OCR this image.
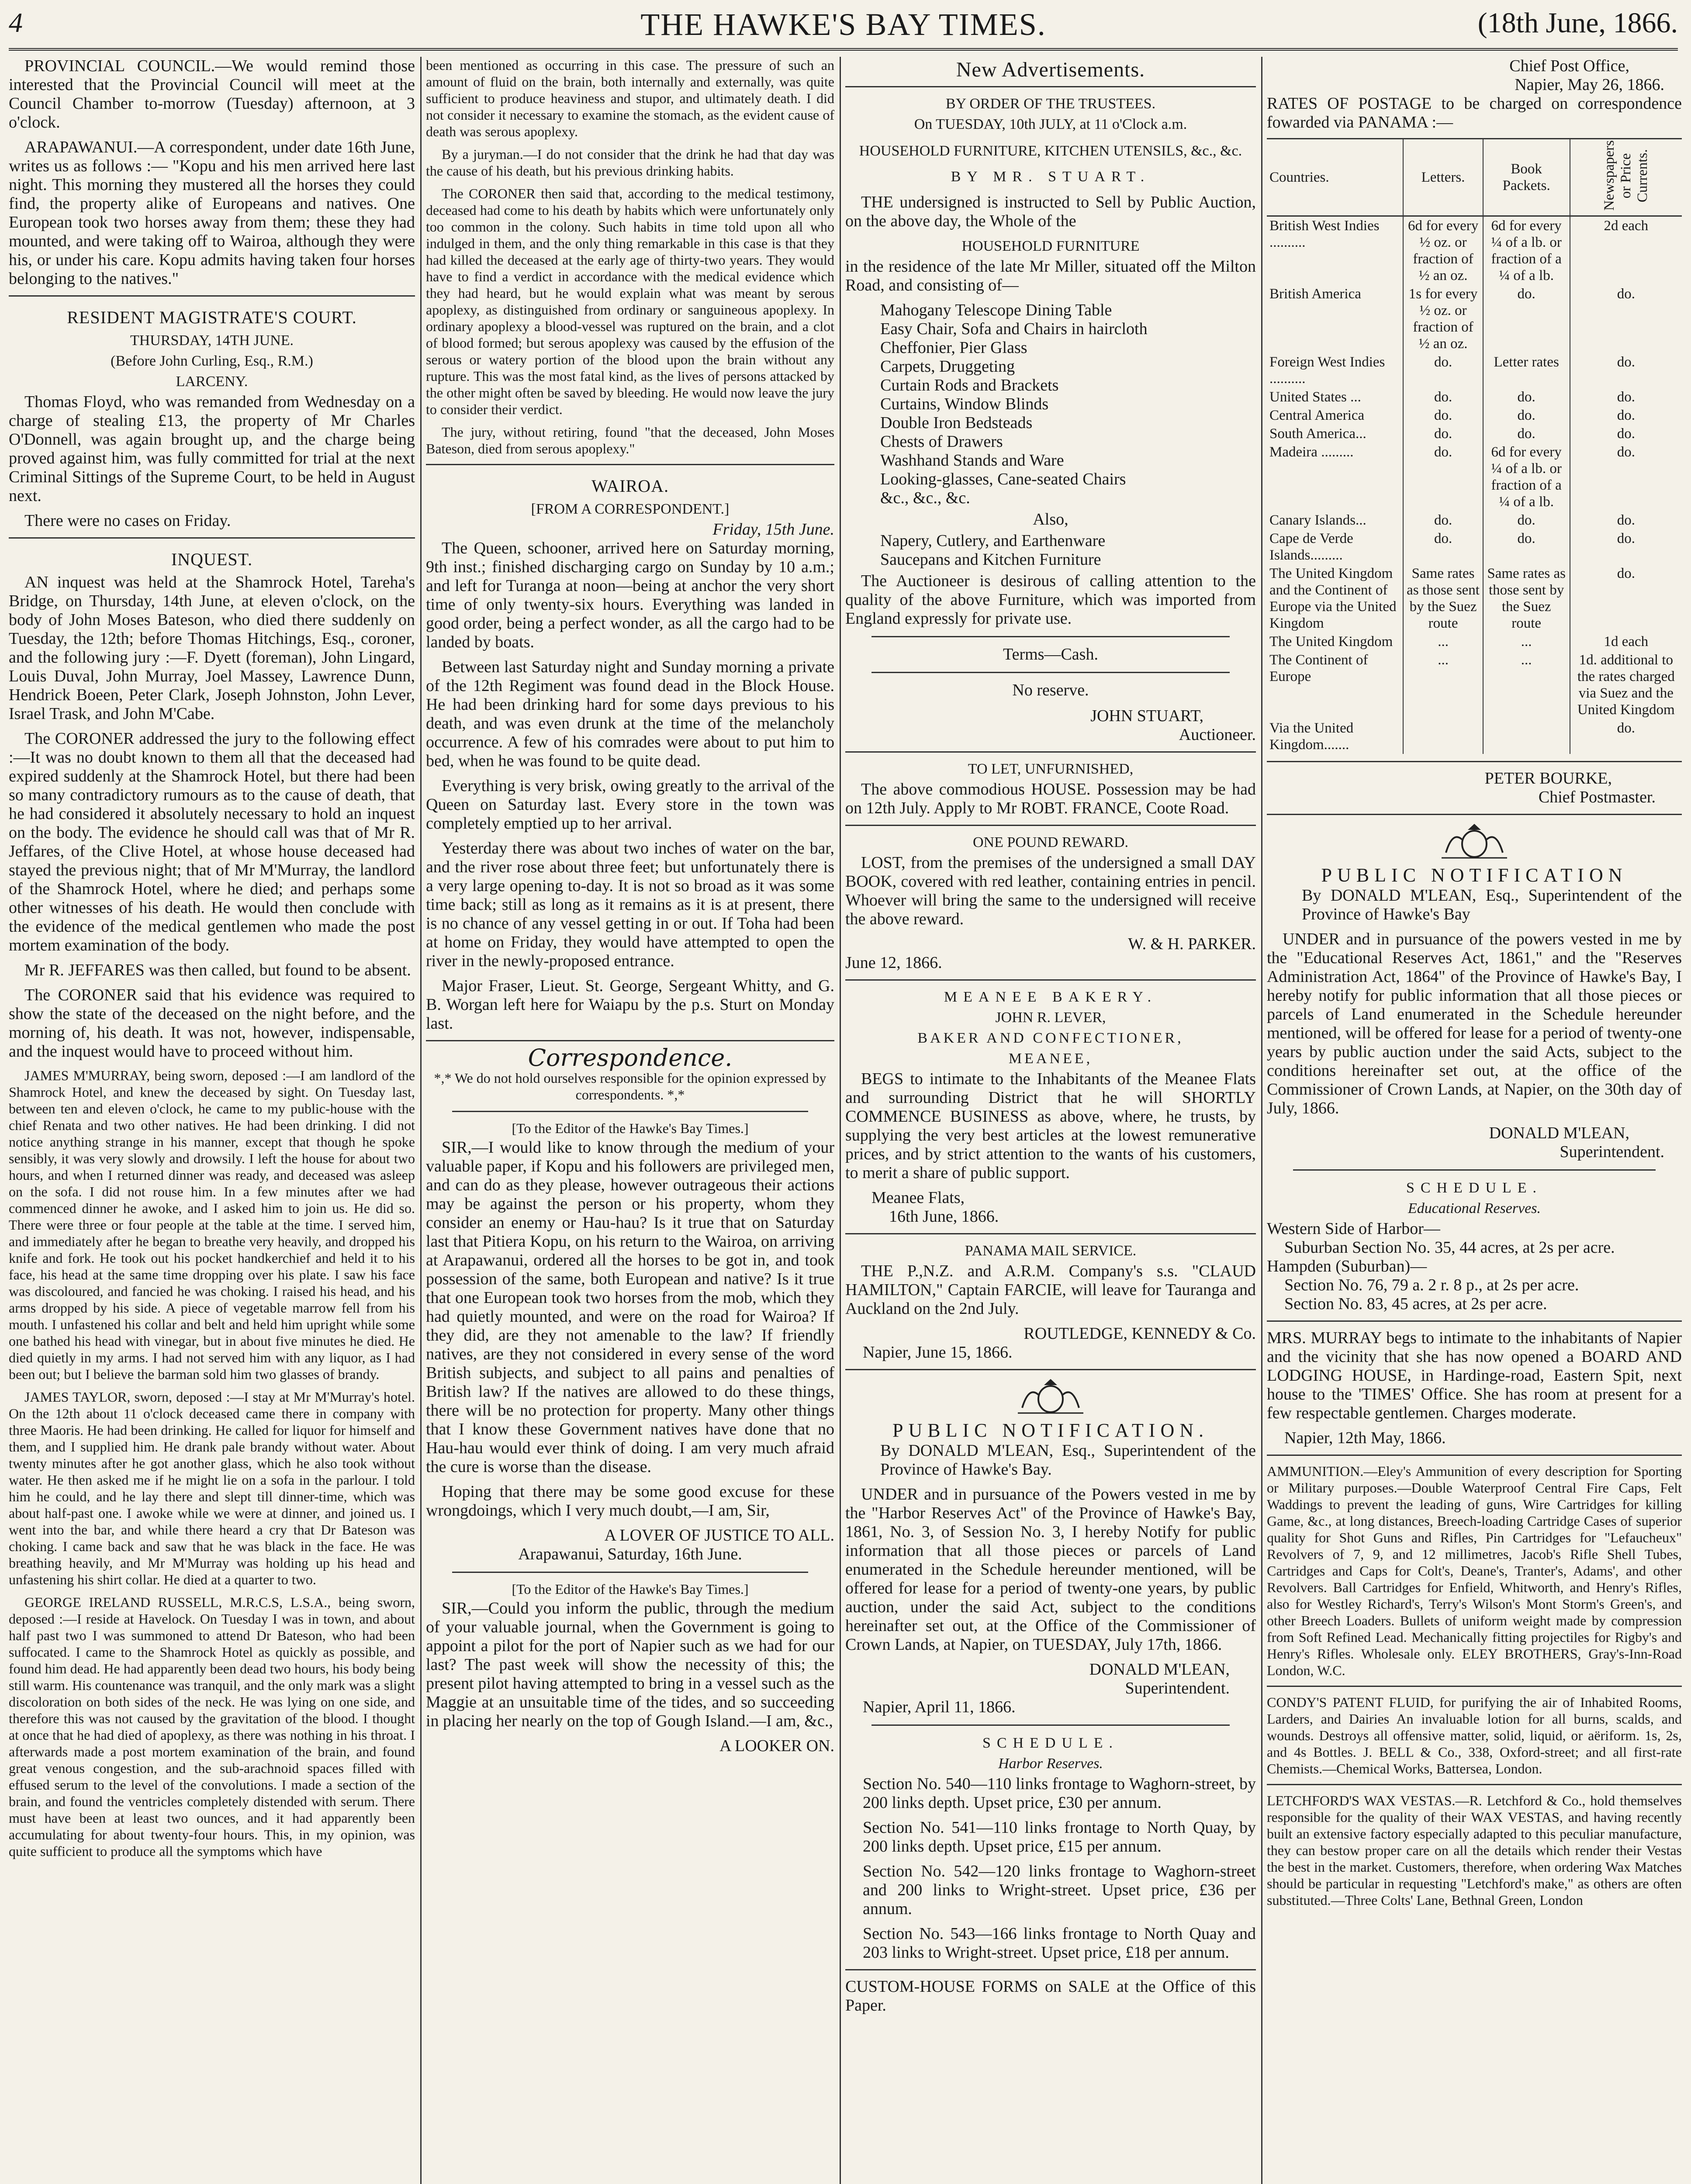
4	THE HAWKE'S BAY TIMES.	(18th June, 1866.

PROVINCIAL COUNCIL.—We would remind those interested that the Provincial Council will meet at the Council Chamber to-morrow (Tuesday) afternoon, at 3 o'clock.

ARAPAWANUI.—A correspondent, under date 16th June, writes us as follows :— "Kopu and his men arrived here last night. This morning they mustered all the horses they could find, the property alike of Europeans and natives. One European took two horses away from them; these they had mounted, and were taking off to Wairoa, although they were his, or under his care. Kopu admits having taken four horses belonging to the natives."

RESIDENT MAGISTRATE'S COURT.
THURSDAY, 14TH JUNE.
(Before John Curling, Esq., R.M.)
LARCENY.

Thomas Floyd, who was remanded from Wednesday on a charge of stealing £13, the property of Mr Charles O'Donnell, was again brought up, and the charge being proved against him, was fully committed for trial at the next Criminal Sittings of the Supreme Court, to be held in August next.

There were no cases on Friday.

INQUEST.

AN inquest was held at the Shamrock Hotel, Tareha's Bridge, on Thursday, 14th June, at eleven o'clock, on the body of John Moses Bateson, who died there suddenly on Tuesday, the 12th; before Thomas Hitchings, Esq., coroner, and the following jury :—F. Dyett (foreman), John Lingard, Louis Duval, John Murray, Joel Massey, Lawrence Dunn, Hendrick Boeen, Peter Clark, Joseph Johnston, John Lever, Israel Trask, and John M'Cabe.

The CORONER addressed the jury to the following effect :—It was no doubt known to them all that the deceased had expired suddenly at the Shamrock Hotel, but there had been so many contradictory rumours as to the cause of death, that he had considered it absolutely necessary to hold an inquest on the body. The evidence he should call was that of Mr R. Jeffares, of the Clive Hotel, at whose house deceased had stayed the previous night; that of Mr M'Murray, the landlord of the Shamrock Hotel, where he died; and perhaps some other witnesses of his death. He would then conclude with the evidence of the medical gentlemen who made the post mortem examination of the body.

Mr R. JEFFARES was then called, but found to be absent.

The CORONER said that his evidence was required to show the state of the deceased on the night before, and the morning of, his death. It was not, however, indispensable, and the inquest would have to proceed without him.

JAMES M'MURRAY, being sworn, deposed :—I am landlord of the Shamrock Hotel, and knew the deceased by sight. On Tuesday last, between ten and eleven o'clock, he came to my public-house with the chief Renata and two other natives. He had been drinking. I did not notice anything strange in his manner, except that though he spoke sensibly, it was very slowly and drowsily. I left the house for about two hours, and when I returned dinner was ready, and deceased was asleep on the sofa. I did not rouse him. In a few minutes after we had commenced dinner he awoke, and I asked him to join us. He did so. There were three or four people at the table at the time. I served him, and immediately after he began to breathe very heavily, and dropped his knife and fork. He took out his pocket handkerchief and held it to his face, his head at the same time dropping over his plate. I saw his face was discoloured, and fancied he was choking. I raised his head, and his arms dropped by his side. A piece of vegetable marrow fell from his mouth. I unfastened his collar and belt and held him upright while some one bathed his head with vinegar, but in about five minutes he died. He died quietly in my arms. I had not served him with any liquor, as I had been out; but I believe the barman sold him two glasses of brandy.

JAMES TAYLOR, sworn, deposed :—I stay at Mr M'Murray's hotel. On the 12th about 11 o'clock deceased came there in company with three Maoris. He had been drinking. He called for liquor for himself and them, and I supplied him. He drank pale brandy without water. About twenty minutes after he got another glass, which he also took without water. He then asked me if he might lie on a sofa in the parlour. I told him he could, and he lay there and slept till dinner-time, which was about half-past one. I awoke while we were at dinner, and joined us. I went into the bar, and while there heard a cry that Dr Bateson was choking. I came back and saw that he was black in the face. He was breathing heavily, and Mr M'Murray was holding up his head and unfastening his shirt collar. He died at a quarter to two.

GEORGE IRELAND RUSSELL, M.R.C.S, L.S.A., being sworn, deposed :—I reside at Havelock. On Tuesday I was in town, and about half past two I was summoned to attend Dr Bateson, who had been suffocated. I came to the Shamrock Hotel as quickly as possible, and found him dead. He had apparently been dead two hours, his body being still warm. His countenance was tranquil, and the only mark was a slight discoloration on both sides of the neck. He was lying on one side, and therefore this was not caused by the gravitation of the blood. I thought at once that he had died of apoplexy, as there was nothing in his throat. I afterwards made a post mortem examination of the brain, and found great venous congestion, and the sub-arachnoid spaces filled with effused serum to the level of the convolutions. I made a section of the brain, and found the ventricles completely distended with serum. There must have been at least two ounces, and it had apparently been accumulating for about twenty-four hours. This, in my opinion, was quite sufficient to produce all the symptoms which have

been mentioned as occurring in this case. The pressure of such an amount of fluid on the brain, both internally and externally, was quite sufficient to produce heaviness and stupor, and ultimately death. I did not consider it necessary to examine the stomach, as the evident cause of death was serous apoplexy.

By a juryman.—I do not consider that the drink he had that day was the cause of his death, but his previous drinking habits.

The CORONER then said that, according to the medical testimony, deceased had come to his death by habits which were unfortunately only too common in the colony. Such habits in time told upon all who indulged in them, and the only thing remarkable in this case is that they had killed the deceased at the early age of thirty-two years. They would have to find a verdict in accordance with the medical evidence which they had heard, but he would explain what was meant by serous apoplexy, as distinguished from ordinary or sanguineous apoplexy. In ordinary apoplexy a blood-vessel was ruptured on the brain, and a clot of blood formed; but serous apoplexy was caused by the effusion of the serous or watery portion of the blood upon the brain without any rupture. This was the most fatal kind, as the lives of persons attacked by the other might often be saved by bleeding. He would now leave the jury to consider their verdict.

The jury, without retiring, found "that the deceased, John Moses Bateson, died from serous apoplexy."

WAIROA.
[FROM A CORRESPONDENT.]
Friday, 15th June.

The Queen, schooner, arrived here on Saturday morning, 9th inst.; finished discharging cargo on Sunday by 10 a.m.; and left for Turanga at noon—being at anchor the very short time of only twenty-six hours. Everything was landed in good order, being a perfect wonder, as all the cargo had to be landed by boats.

Between last Saturday night and Sunday morning a private of the 12th Regiment was found dead in the Block House. He had been drinking hard for some days previous to his death, and was even drunk at the time of the melancholy occurrence. A few of his comrades were about to put him to bed, when he was found to be quite dead.

Everything is very brisk, owing greatly to the arrival of the Queen on Saturday last. Every store in the town was completely emptied up to her arrival.

Yesterday there was about two inches of water on the bar, and the river rose about three feet; but unfortunately there is a very large opening to-day. It is not so broad as it was some time back; still as long as it remains as it is at present, there is no chance of any vessel getting in or out. If Toha had been at home on Friday, they would have attempted to open the river in the newly-proposed entrance.

Major Fraser, Lieut. St. George, Sergeant Whitty, and G. B. Worgan left here for Waiapu by the p.s. Sturt on Monday last.

Correspondence.
*,* We do not hold ourselves responsible for the opinion expressed by correspondents. *,*
[To the Editor of the Hawke's Bay Times.]

SIR,—I would like to know through the medium of your valuable paper, if Kopu and his followers are privileged men, and can do as they please, however outrageous their actions may be against the person or his property, whom they consider an enemy or Hau-hau? Is it true that on Saturday last that Pitiera Kopu, on his return to the Wairoa, on arriving at Arapawanui, ordered all the horses to be got in, and took possession of the same, both European and native? Is it true that one European took two horses from the mob, which they had quietly mounted, and were on the road for Wairoa? If they did, are they not amenable to the law? If friendly natives, are they not considered in every sense of the word British subjects, and subject to all pains and penalties of British law? If the natives are allowed to do these things, there will be no protection for property. Many other things that I know these Government natives have done that no Hau-hau would ever think of doing. I am very much afraid the cure is worse than the disease.

Hoping that there may be some good excuse for these wrongdoings, which I very much doubt,—I am, Sir,

A LOVER OF JUSTICE TO ALL.
Arapawanui, Saturday, 16th June.
[To the Editor of the Hawke's Bay Times.]

SIR,—Could you inform the public, through the medium of your valuable journal, when the Government is going to appoint a pilot for the port of Napier such as we had for our last? The past week will show the necessity of this; the present pilot having attempted to bring in a vessel such as the Maggie at an unsuitable time of the tides, and so succeeding in placing her nearly on the top of Gough Island.—I am, &c.,

A LOOKER ON.
New Advertisements.
BY ORDER OF THE TRUSTEES.
On TUESDAY, 10th JULY, at 11 o'Clock a.m.
HOUSEHOLD FURNITURE, KITCHEN UTENSILS, &c., &c.
BY MR. STUART.

THE undersigned is instructed to Sell by Public Auction, on the above day, the Whole of the

HOUSEHOLD FURNITURE

in the residence of the late Mr Miller, situated off the Milton Road, and consisting of—

Mahogany Telescope Dining Table
Easy Chair, Sofa and Chairs in haircloth
Cheffonier, Pier Glass
Carpets, Druggeting
Curtain Rods and Brackets
Curtains, Window Blinds
Double Iron Bedsteads
Chests of Drawers
Washhand Stands and Ware
Looking-glasses, Cane-seated Chairs
&c., &c., &c.
Also,
Napery, Cutlery, and Earthenware
Saucepans and Kitchen Furniture

The Auctioneer is desirous of calling attention to the quality of the above Furniture, which was imported from England expressly for private use.

Terms—Cash.
No reserve.
JOHN STUART,
Auctioneer.
TO LET, UNFURNISHED,

The above commodious HOUSE. Possession may be had on 12th July. Apply to Mr ROBT. FRANCE, Coote Road.

ONE POUND REWARD.

LOST, from the premises of the undersigned a small DAY BOOK, covered with red leather, containing entries in pencil. Whoever will bring the same to the undersigned will receive the above reward.

W. & H. PARKER.
June 12, 1866.
MEANEE BAKERY.
JOHN R. LEVER,
BAKER AND CONFECTIONER,
MEANEE,

BEGS to intimate to the Inhabitants of the Meanee Flats and surrounding District that he will SHORTLY COMMENCE BUSINESS as above, where, he trusts, by supplying the very best articles at the lowest remunerative prices, and by strict attention to the wants of his customers, to merit a share of public support.

Meanee Flats,
16th June, 1866.
PANAMA MAIL SERVICE.

THE P.,N.Z. and A.R.M. Company's s.s. "CLAUD HAMILTON," Captain FARCIE, will leave for Tauranga and Auckland on the 2nd July.

ROUTLEDGE, KENNEDY & Co.
Napier, June 15, 1866.
PUBLIC NOTIFICATION.

By DONALD M'LEAN, Esq., Superintendent of the Province of Hawke's Bay.

UNDER and in pursuance of the Powers vested in me by the "Harbor Reserves Act" of the Province of Hawke's Bay, 1861, No. 3, of Session No. 3, I hereby Notify for public information that all those pieces or parcels of Land enumerated in the Schedule hereunder mentioned, will be offered for lease for a period of twenty-one years, by public auction, under the said Act, subject to the conditions hereinafter set out, at the Office of the Commissioner of Crown Lands, at Napier, on TUESDAY, July 17th, 1866.

DONALD M'LEAN,
Superintendent.
Napier, April 11, 1866.
SCHEDULE.
Harbor Reserves.

Section No. 540—110 links frontage to Waghorn-street, by 200 links depth. Upset price, £30 per annum.

Section No. 541—110 links frontage to North Quay, by 200 links depth. Upset price, £15 per annum.

Section No. 542—120 links frontage to Waghorn-street and 200 links to Wright-street. Upset price, £36 per annum.

Section No. 543—166 links frontage to North Quay and 203 links to Wright-street. Upset price, £18 per annum.

CUSTOM-HOUSE FORMS on SALE at the Office of this Paper.

Chief Post Office,
Napier, May 26, 1866.

RATES OF POSTAGE to be charged on correspondence fowarded via PANAMA :—

Countries.	Letters.	Book Packets.	Newspapers or Price Currents.
British West Indies ..........	6d for every ½ oz. or fraction of ½ an oz.	6d for every ¼ of a lb. or fraction of a ¼ of a lb.	2d each
British America	1s for every ½ oz. or fraction of ½ an oz.	do.	do.
Foreign West Indies ..........	do.	Letter rates	do.
United States ...	do.	do.	do.
Central America	do.	do.	do.
South America...	do.	do.	do.
Madeira .........	do.	6d for every ¼ of a lb. or fraction of a ¼ of a lb.	do.
Canary Islands...	do.	do.	do.
Cape de Verde Islands.........	do.	do.	do.
The United Kingdom and the Continent of Europe via the United Kingdom	Same rates as those sent by the Suez route	Same rates as those sent by the Suez route	do.
The United Kingdom	...	...	1d each
The Continent of Europe	...	...	1d. additional to the rates charged via Suez and the United Kingdom
Via the United Kingdom.......			do.
PETER BOURKE,
Chief Postmaster.
PUBLIC NOTIFICATION

By DONALD M'LEAN, Esq., Superintendent of the Province of Hawke's Bay

UNDER and in pursuance of the powers vested in me by the "Educational Reserves Act, 1861," and the "Reserves Administration Act, 1864" of the Province of Hawke's Bay, I hereby notify for public information that all those pieces or parcels of Land enumerated in the Schedule hereunder mentioned, will be offered for lease for a period of twenty-one years by public auction under the said Acts, subject to the conditions hereinafter set out, at the office of the Commissioner of Crown Lands, at Napier, on the 30th day of July, 1866.

DONALD M'LEAN,
Superintendent.
SCHEDULE.
Educational Reserves.
Western Side of Harbor—
Suburban Section No. 35, 44 acres, at 2s per acre.
Hampden (Suburban)—
Section No. 76, 79 a. 2 r. 8 p., at 2s per acre.
Section No. 83, 45 acres, at 2s per acre.

MRS. MURRAY begs to intimate to the inhabitants of Napier and the vicinity that she has now opened a BOARD AND LODGING HOUSE, in Hardinge-road, Eastern Spit, next house to the 'TIMES' Office. She has room at present for a few respectable gentlemen. Charges moderate.

Napier, 12th May, 1866.

AMMUNITION.—Eley's Ammunition of every description for Sporting or Military purposes.—Double Waterproof Central Fire Caps, Felt Waddings to prevent the leading of guns, Wire Cartridges for killing Game, &c., at long distances, Breech-loading Cartridge Cases of superior quality for Shot Guns and Rifles, Pin Cartridges for "Lefaucheux" Revolvers of 7, 9, and 12 millimetres, Jacob's Rifle Shell Tubes, Cartridges and Caps for Colt's, Deane's, Tranter's, Adams', and other Revolvers. Ball Cartridges for Enfield, Whitworth, and Henry's Rifles, also for Westley Richard's, Terry's Wilson's Mont Storm's Green's, and other Breech Loaders. Bullets of uniform weight made by compression from Soft Refined Lead. Mechanically fitting projectiles for Rigby's and Henry's Rifles. Wholesale only. ELEY BROTHERS, Gray's-Inn-Road London, W.C.

CONDY'S PATENT FLUID, for purifying the air of Inhabited Rooms, Larders, and Dairies An invaluable lotion for all burns, scalds, and wounds. Destroys all offensive matter, solid, liquid, or aëriform. 1s, 2s, and 4s Bottles. J. BELL & Co., 338, Oxford-street; and all first-rate Chemists.—Chemical Works, Battersea, London.

LETCHFORD'S WAX VESTAS.—R. Letchford & Co., hold themselves responsible for the quality of their WAX VESTAS, and having recently built an extensive factory especially adapted to this peculiar manufacture, they can bestow proper care on all the details which render their Vestas the best in the market. Customers, therefore, when ordering Wax Matches should be particular in requesting "Letchford's make," as others are often substituted.—Three Colts' Lane, Bethnal Green, London
